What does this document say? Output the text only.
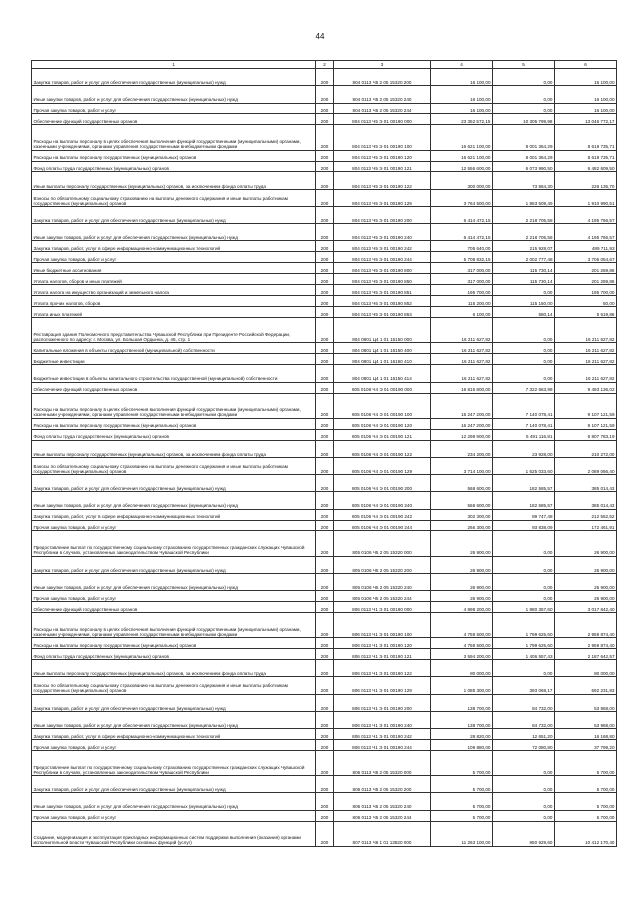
44
1	2	3	4	5	6
Закупка товаров, работ и услуг для обеспечения государственных (муниципальных) нужд	200	804 0113 Ч5 2 05 15320 200	16 100,00	0,00	16 100,00
Иные закупки товаров, работ и услуг для обеспечения государственных (муниципальных) нужд	200	804 0113 Ч5 2 05 15320 240	16 100,00	0,00	16 100,00
Прочая закупка товаров, работ и услуг	200	804 0113 Ч5 2 05 15320 244	16 100,00	0,00	16 100,00
Обеспечение функций государственных органов	200	804 0113 Ч5 Э 01 00190 000	23 352 572,15	10 305 799,98	13 046 772,17
Расходы на выплаты персоналу в целях обеспечения выполнения функций государственными (муниципальными) органами, казенными учреждениями, органами управления государственными внебюджетными фондами	200	804 0113 Ч5 Э 01 00190 100	16 621 100,00	8 001 364,29	8 619 735,71
Расходы на выплаты персоналу государственных (муниципальных) органов	200	804 0113 Ч5 Э 01 00190 120	16 621 100,00	8 001 364,29	8 619 735,71
Фонд оплаты труда государственных (муниципальных) органов	200	804 0113 Ч5 Э 01 00190 121	12 556 600,00	6 073 990,50	6 482 609,50
Иные выплаты персоналу государственных (муниципальных) органов, за исключением фонда оплаты труда	200	804 0113 Ч5 Э 01 00190 122	300 000,00	73 864,30	226 135,70
Взносы по обязательному социальному страхованию на выплаты денежного содержания и иные выплаты работникам государственных (муниципальных) органов	200	804 0113 Ч5 Э 01 00190 129	3 764 500,00	1 853 509,49	1 910 990,51
Закупка товаров, работ и услуг для обеспечения государственных (муниципальных) нужд	200	804 0113 Ч5 Э 01 00190 200	6 414 472,15	2 218 705,58	4 195 766,57
Иные закупки товаров, работ и услуг для обеспечения государственных (муниципальных) нужд	200	804 0113 Ч5 Э 01 00190 240	6 414 472,15	2 218 705,58	4 195 766,57
Закупка товаров, работ, услуг в сфере информационно-коммуникационных технологий	200	804 0113 Ч5 Э 01 00190 242	705 640,00	215 928,07	489 711,93
Прочая закупка товаров, работ и услуг	200	804 0113 Ч5 Э 01 00190 244	5 708 832,15	2 002 777,48	3 706 054,67
Иные бюджетные ассигнования	200	804 0113 Ч5 Э 01 00190 800	317 000,00	115 730,14	201 269,86
Уплата налогов, сборов и иных платежей	200	804 0113 Ч5 Э 01 00190 850	317 000,00	115 730,14	201 269,86
Уплата налога на имущество организаций и земельного налога	200	804 0113 Ч5 Э 01 00190 851	195 700,00	0,00	195 700,00
Уплата прочих налогов, сборов	200	804 0113 Ч5 Э 01 00190 852	115 200,00	115 150,00	50,00
Уплата иных платежей	200	804 0113 Ч5 Э 01 00190 853	6 100,00	580,14	5 519,86
Реставрация здания Полномочного представительства Чувашской Республики при Президенте Российской Федерации, расположенного по адресу: г. Москва, ул. Большая Ордынка, д. 46, стр. 1	200	804 0801 Ц4 1 01 16150 000	16 211 627,82	0,00	16 211 627,82
Капитальные вложения в объекты государственной (муниципальной) собственности	200	804 0801 Ц4 1 01 16150 400	16 211 627,82	0,00	16 211 627,82
Бюджетные инвестиции	200	804 0801 Ц4 1 01 16150 410	16 211 627,82	0,00	16 211 627,82
Бюджетные инвестиции в объекты капитального строительства государственной (муниципальной) собственности	200	804 0801 Ц4 1 01 16150 414	16 211 627,82	0,00	16 211 627,82
Обеспечение функций государственных органов	200	805 0106 Ч4 Э 01 00190 000	16 815 800,00	7 322 663,98	9 493 136,02
Расходы на выплаты персоналу в целях обеспечения выполнения функций государственными (муниципальными) органами, казенными учреждениями, органами управления государственными внебюджетными фондами	200	805 0106 Ч4 Э 01 00190 100	16 247 200,00	7 140 078,41	9 107 121,59
Расходы на выплаты персоналу государственных (муниципальных) органов	200	805 0106 Ч4 Э 01 00190 120	16 247 200,00	7 140 078,41	9 107 121,59
Фонд оплаты труда государственных (муниципальных) органов	200	805 0106 Ч4 Э 01 00190 121	12 298 900,00	5 491 116,81	6 807 783,19
Иные выплаты персоналу государственных (муниципальных) органов, за исключением фонда оплаты труда	200	805 0106 Ч4 Э 01 00190 122	234 200,00	23 928,00	210 272,00
Взносы по обязательному социальному страхованию на выплаты денежного содержания и иные выплаты работникам государственных (муниципальных) органов	200	805 0106 Ч4 Э 01 00190 129	3 714 100,00	1 625 033,60	2 089 066,40
Закупка товаров, работ и услуг для обеспечения государственных (муниципальных) нужд	200	805 0106 Ч4 Э 01 00190 200	568 600,00	182 585,57	385 014,43
Иные закупки товаров, работ и услуг для обеспечения государственных (муниципальных) нужд	200	805 0106 Ч4 Э 01 00190 240	568 600,00	182 585,57	385 014,43
Закупка товаров, работ, услуг в сфере информационно-коммуникационных технологий	200	805 0106 Ч4 Э 01 00190 242	302 300,00	89 747,48	212 552,52
Прочая закупка товаров, работ и услуг	200	805 0106 Ч4 Э 01 00190 244	266 300,00	93 838,09	172 461,91
Предоставление выплат по государственному социальному страхованию государственных гражданских служащих Чувашской Республики в случаях, установленных законодательством Чувашской Республики	200	805 0106 Ч5 2 05 15320 000	26 900,00	0,00	26 900,00
Закупка товаров, работ и услуг для обеспечения государственных (муниципальных) нужд	200	805 0106 Ч5 2 05 15320 200	26 900,00	0,00	26 900,00
Иные закупки товаров, работ и услуг для обеспечения государственных (муниципальных) нужд	200	805 0106 Ч5 2 05 15320 240	26 900,00	0,00	26 900,00
Прочая закупка товаров, работ и услуг	200	805 0106 Ч5 2 05 15320 244	26 900,00	0,00	26 900,00
Обеспечение функций государственных органов	200	806 0113 Ч1 Э 01 00190 000	4 898 200,00	1 880 357,60	3 017 842,40
Расходы на выплаты персоналу в целях обеспечения выполнения функций государственными (муниципальными) органами, казенными учреждениями, органами управления государственными внебюджетными фондами	200	806 0113 Ч1 Э 01 00190 100	4 759 500,00	1 799 625,60	2 959 874,40
Расходы на выплаты персоналу государственных (муниципальных) органов	200	806 0113 Ч1 Э 01 00190 120	4 759 500,00	1 799 625,60	2 959 874,40
Фонд оплаты труда государственных (муниципальных) органов	200	806 0113 Ч1 Э 01 00190 121	3 594 200,00	1 406 557,43	2 187 642,57
Иные выплаты персоналу государственных (муниципальных) органов, за исключением фонда оплаты труда	200	806 0113 Ч1 Э 01 00190 122	80 000,00	0,00	80 000,00
Взносы по обязательному социальному страхованию на выплаты денежного содержания и иные выплаты работникам государственных (муниципальных) органов	200	806 0113 Ч1 Э 01 00190 129	1 085 300,00	393 068,17	692 231,83
Закупка товаров, работ и услуг для обеспечения государственных (муниципальных) нужд	200	806 0113 Ч1 Э 01 00190 200	138 700,00	84 732,00	53 968,00
Иные закупки товаров, работ и услуг для обеспечения государственных (муниципальных) нужд	200	806 0113 Ч1 Э 01 00190 240	138 700,00	84 732,00	53 968,00
Закупка товаров, работ, услуг в сфере информационно-коммуникационных технологий	200	806 0113 Ч1 Э 01 00190 242	28 820,00	12 651,20	16 168,80
Прочая закупка товаров, работ и услуг	200	806 0113 Ч1 Э 01 00190 244	109 880,00	72 080,80	37 799,20
Предоставление выплат по государственному социальному страхованию государственных гражданских служащих Чувашской Республики в случаях, установленных законодательством Чувашской Республики	200	806 0113 Ч5 2 05 15320 000	5 700,00	0,00	5 700,00
Закупка товаров, работ и услуг для обеспечения государственных (муниципальных) нужд	200	806 0113 Ч5 2 05 15320 200	5 700,00	0,00	5 700,00
Иные закупки товаров, работ и услуг для обеспечения государственных (муниципальных) нужд	200	806 0113 Ч5 2 05 15320 240	5 700,00	0,00	5 700,00
Прочая закупка товаров, работ и услуг	200	806 0113 Ч5 2 05 15320 244	5 700,00	0,00	5 700,00
Создание, модернизация и эксплуатация прикладных информационных систем поддержки выполнения (оказания) органами исполнительной власти Чувашской Республики основных функций (услуг)	200	807 0113 Ч6 1 01 13820 000	11 263 100,00	850 929,60	10 412 170,40
